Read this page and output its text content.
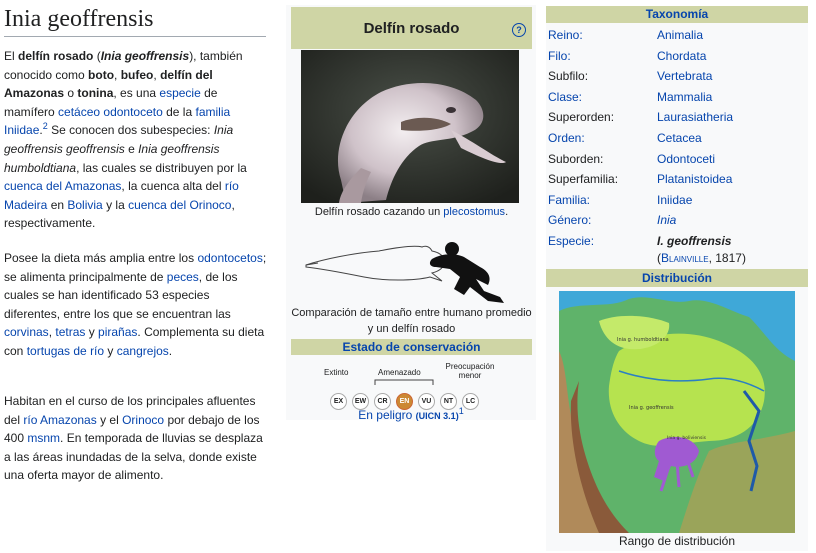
Inia geoffrensis

El delfín rosado (Inia geoffrensis), también conocido como boto, bufeo, delfín del Amazonas o tonina, es una especie de mamífero cetáceo odontoceto de la familia Iniidae.$^2$ Se conocen dos subespecies: Inia geoffrensis geoffrensis e Inia geoffrensis humboldtiana, las cuales se distribuyen por la cuenca del Amazonas, la cuenca alta del río Madeira en Bolivia y la cuenca del Orinoco, respectivamente.

Posee la dieta más amplia entre los odontocetos; se alimenta principalmente de peces, de los cuales se han identificado 53 especies diferentes, entre los que se encuentran las corvinas, tetras y pirañas. Complementa su dieta con tortugas de río y cangrejos.

Habitan en el curso de los principales afluentes del río Amazonas y el Orinoco por debajo de los 400 msnm. En temporada de lluvias se desplaza a las áreas inundadas de la selva, donde existe una oferta mayor de alimento.

Delfín rosado	?
Delfín rosado cazando un plecostomus.
Comparación de tamaño entre humano promedio y un delfín rosado
Estado de conservación
Extinto	Amenazado
Preocupación menor
EX	EW	CR	EN	VU	NT	LC
En peligro (UICN 3.1)$^1$
Taxonomía
Reino:	Animalia
Filo:	Chordata
Subfilo:	Vertebrata
Clase:	Mammalia
Superorden:	Laurasiatheria
Orden:	Cetacea
Suborden:	Odontoceti
Superfamilia:	Platanistoidea
Familia:	Iniidae
Género:	Inia
Especie:	I. geoffrensis
(Blainville, 1817)
Distribución
Inia g. humboldtiana
Inia g. geoffrensis
Inia g. boliviensis
Rango de distribución
